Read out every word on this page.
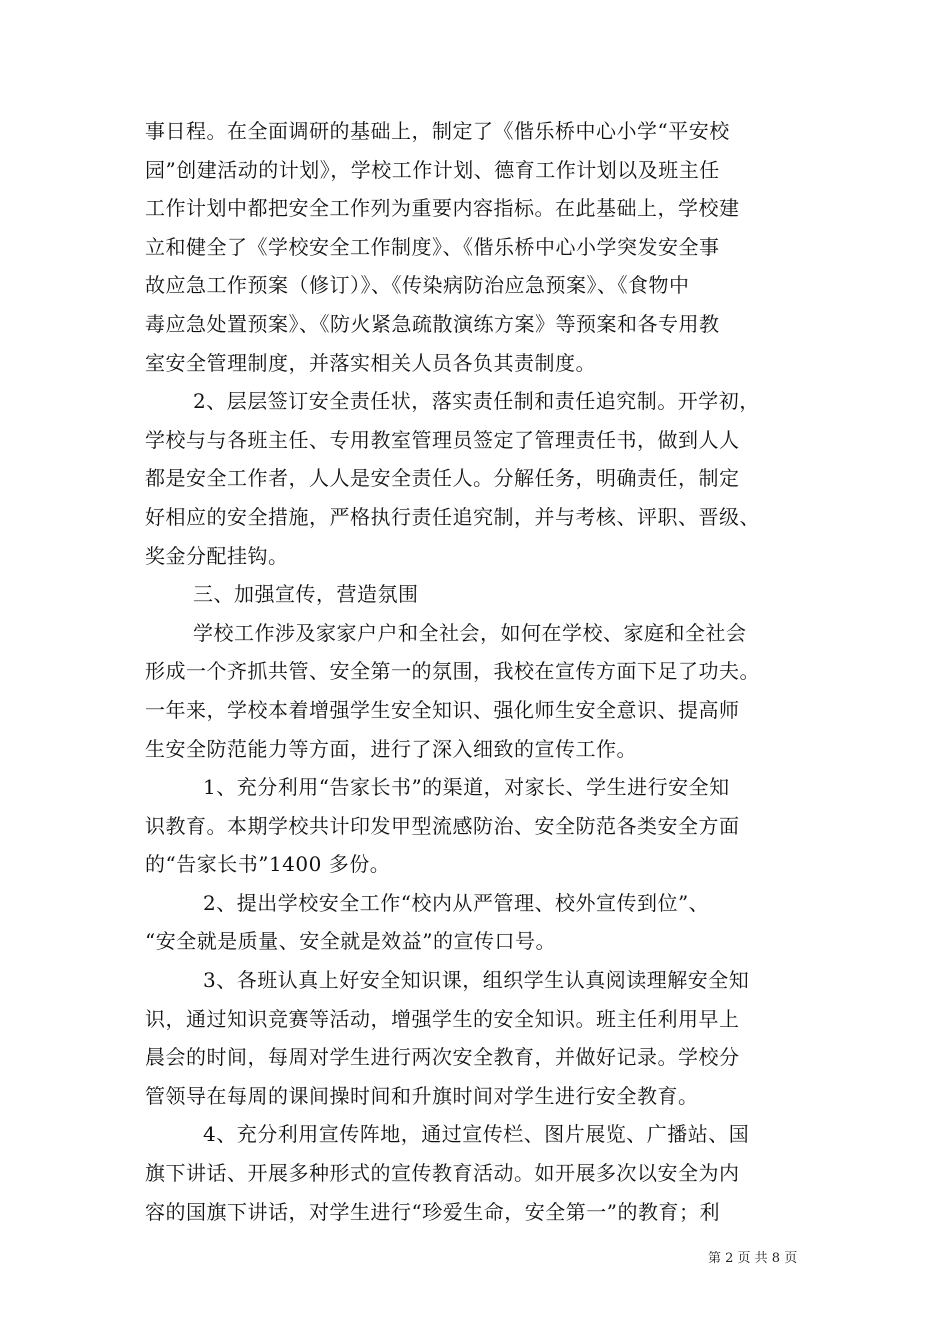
事日程。在全面调研的基础上，制定了《偕乐桥中心小学“平安校
园”创建活动的计划》，学校工作计划、德育工作计划以及班主任
工作计划中都把安全工作列为重要内容指标。在此基础上，学校建
立和健全了《学校安全工作制度》、《偕乐桥中心小学突发安全事
故应急工作预案（修订）》、《传染病防治应急预案》、《食物中
毒应急处置预案》、《防火紧急疏散演练方案》等预案和各专用教
室安全管理制度，并落实相关人员各负其责制度。
2、层层签订安全责任状，落实责任制和责任追究制。开学初，
学校与与各班主任、专用教室管理员签定了管理责任书，做到人人
都是安全工作者，人人是安全责任人。分解任务，明确责任，制定
好相应的安全措施，严格执行责任追究制，并与考核、评职、晋级、
奖金分配挂钩。
三、加强宣传，营造氛围
学校工作涉及家家户户和全社会，如何在学校、家庭和全社会
形成一个齐抓共管、安全第一的氛围，我校在宣传方面下足了功夫。
一年来，学校本着增强学生安全知识、强化师生安全意识、提高师
生安全防范能力等方面，进行了深入细致的宣传工作。
1、充分利用“告家长书”的渠道，对家长、学生进行安全知
识教育。本期学校共计印发甲型流感防治、安全防范各类安全方面
的“告家长书”1400 多份。
2、提出学校安全工作“校内从严管理、校外宣传到位”、
“安全就是质量、安全就是效益”的宣传口号。
3、各班认真上好安全知识课，组织学生认真阅读理解安全知
识，通过知识竞赛等活动，增强学生的安全知识。班主任利用早上
晨会的时间，每周对学生进行两次安全教育，并做好记录。学校分
管领导在每周的课间操时间和升旗时间对学生进行安全教育。
4、充分利用宣传阵地，通过宣传栏、图片展览、广播站、国
旗下讲话、开展多种形式的宣传教育活动。如开展多次以安全为内
容的国旗下讲话，对学生进行“珍爱生命，安全第一”的教育；利
第 2 页 共 8 页
